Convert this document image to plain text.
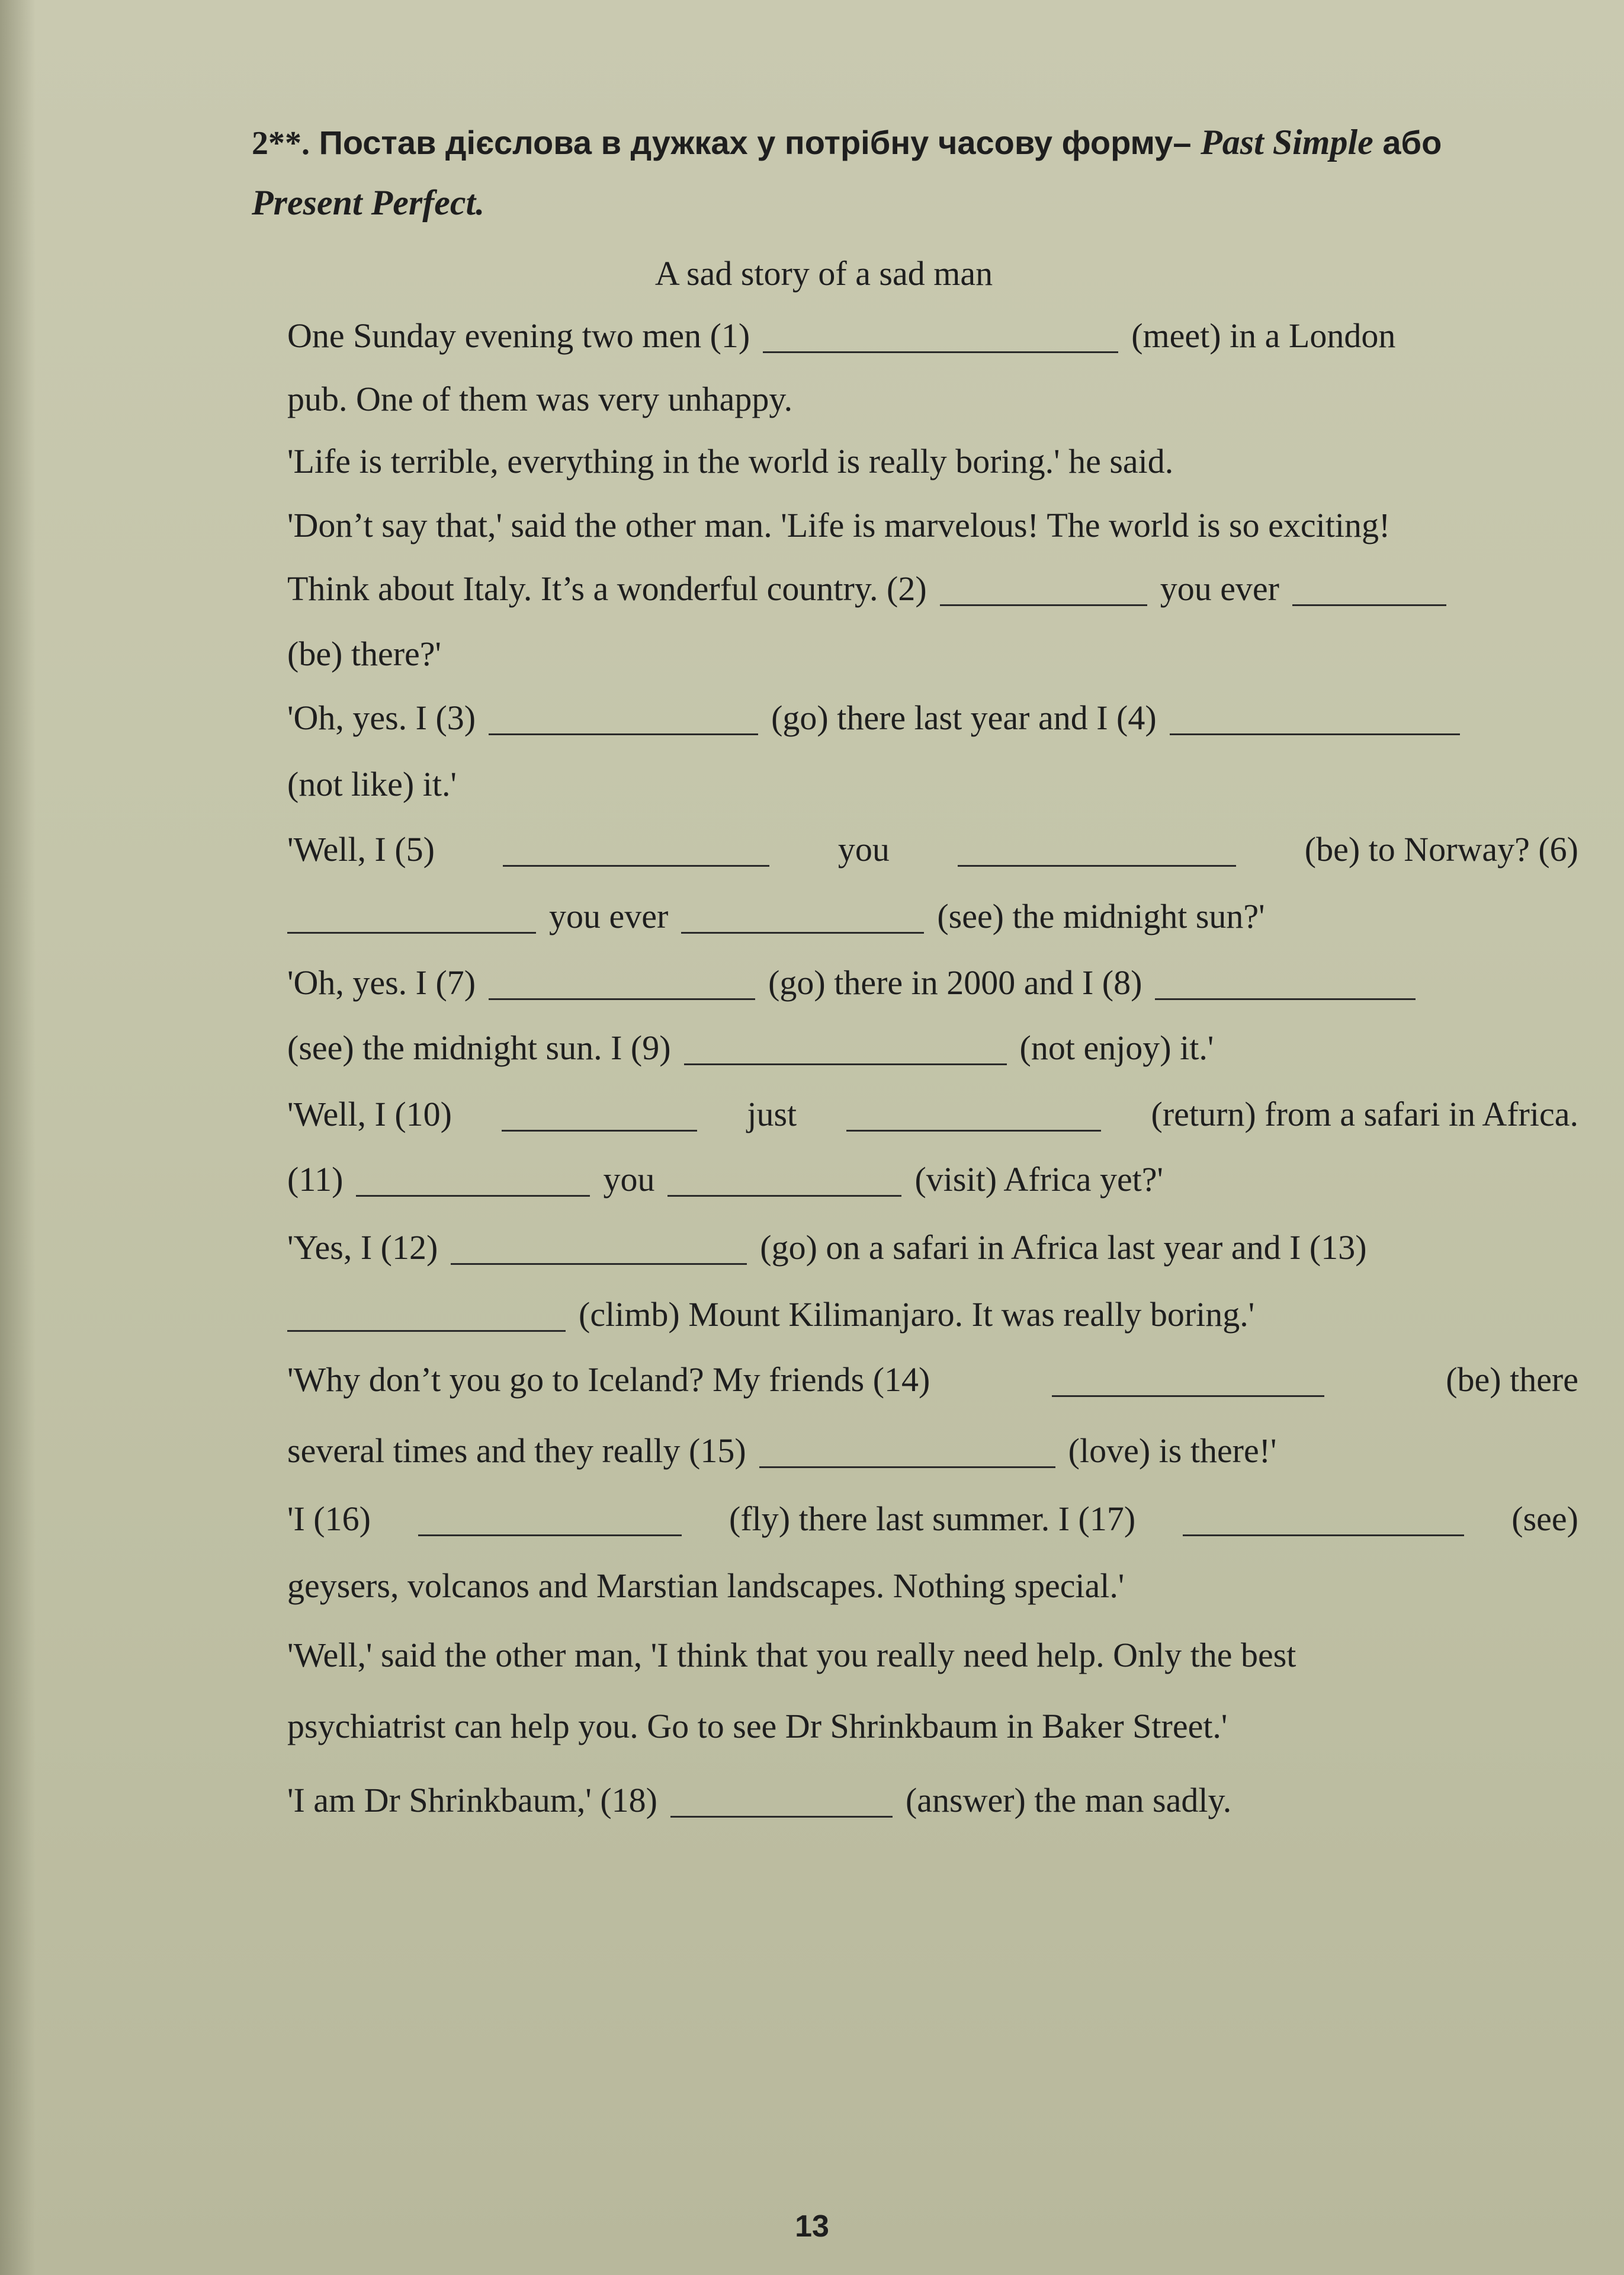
2**. Постав дієслова в дужках у потрібну часову форму– Past Simple або
Present Perfect.
A sad story of a sad man
One Sunday evening two men (1)	(meet) in a London
pub. One of them was very unhappy.
'Life is terrible, everything in the world is really boring.' he said.
'Don’t say that,' said the other man. 'Life is marvelous! The world is so exciting!
Think about Italy. It’s a wonderful country. (2)	you ever
(be) there?'
'Oh, yes. I (3)	(go) there last year and I (4)
(not like) it.'
'Well, I (5)	you	(be) to Norway? (6)
you ever	(see) the midnight sun?'
'Oh, yes. I (7)	(go) there in 2000 and I (8)
(see) the midnight sun. I (9)	(not enjoy) it.'
'Well, I (10)	just	(return) from a safari in Africa.
(11)	you	(visit) Africa yet?'
'Yes, I (12)	(go) on a safari in Africa last year and I (13)
(climb) Mount Kilimanjaro. It was really boring.'
'Why don’t you go to Iceland? My friends (14)	(be) there
several times and they really (15)	(love) is there!'
'I (16)	(fly) there last summer. I (17)	(see)
geysers, volcanos and Marstian landscapes. Nothing special.'
'Well,' said the other man, 'I think that you really need help. Only the best
psychiatrist can help you. Go to see Dr Shrinkbaum in Baker Street.'
'I am Dr Shrinkbaum,' (18)	(answer) the man sadly.
13
